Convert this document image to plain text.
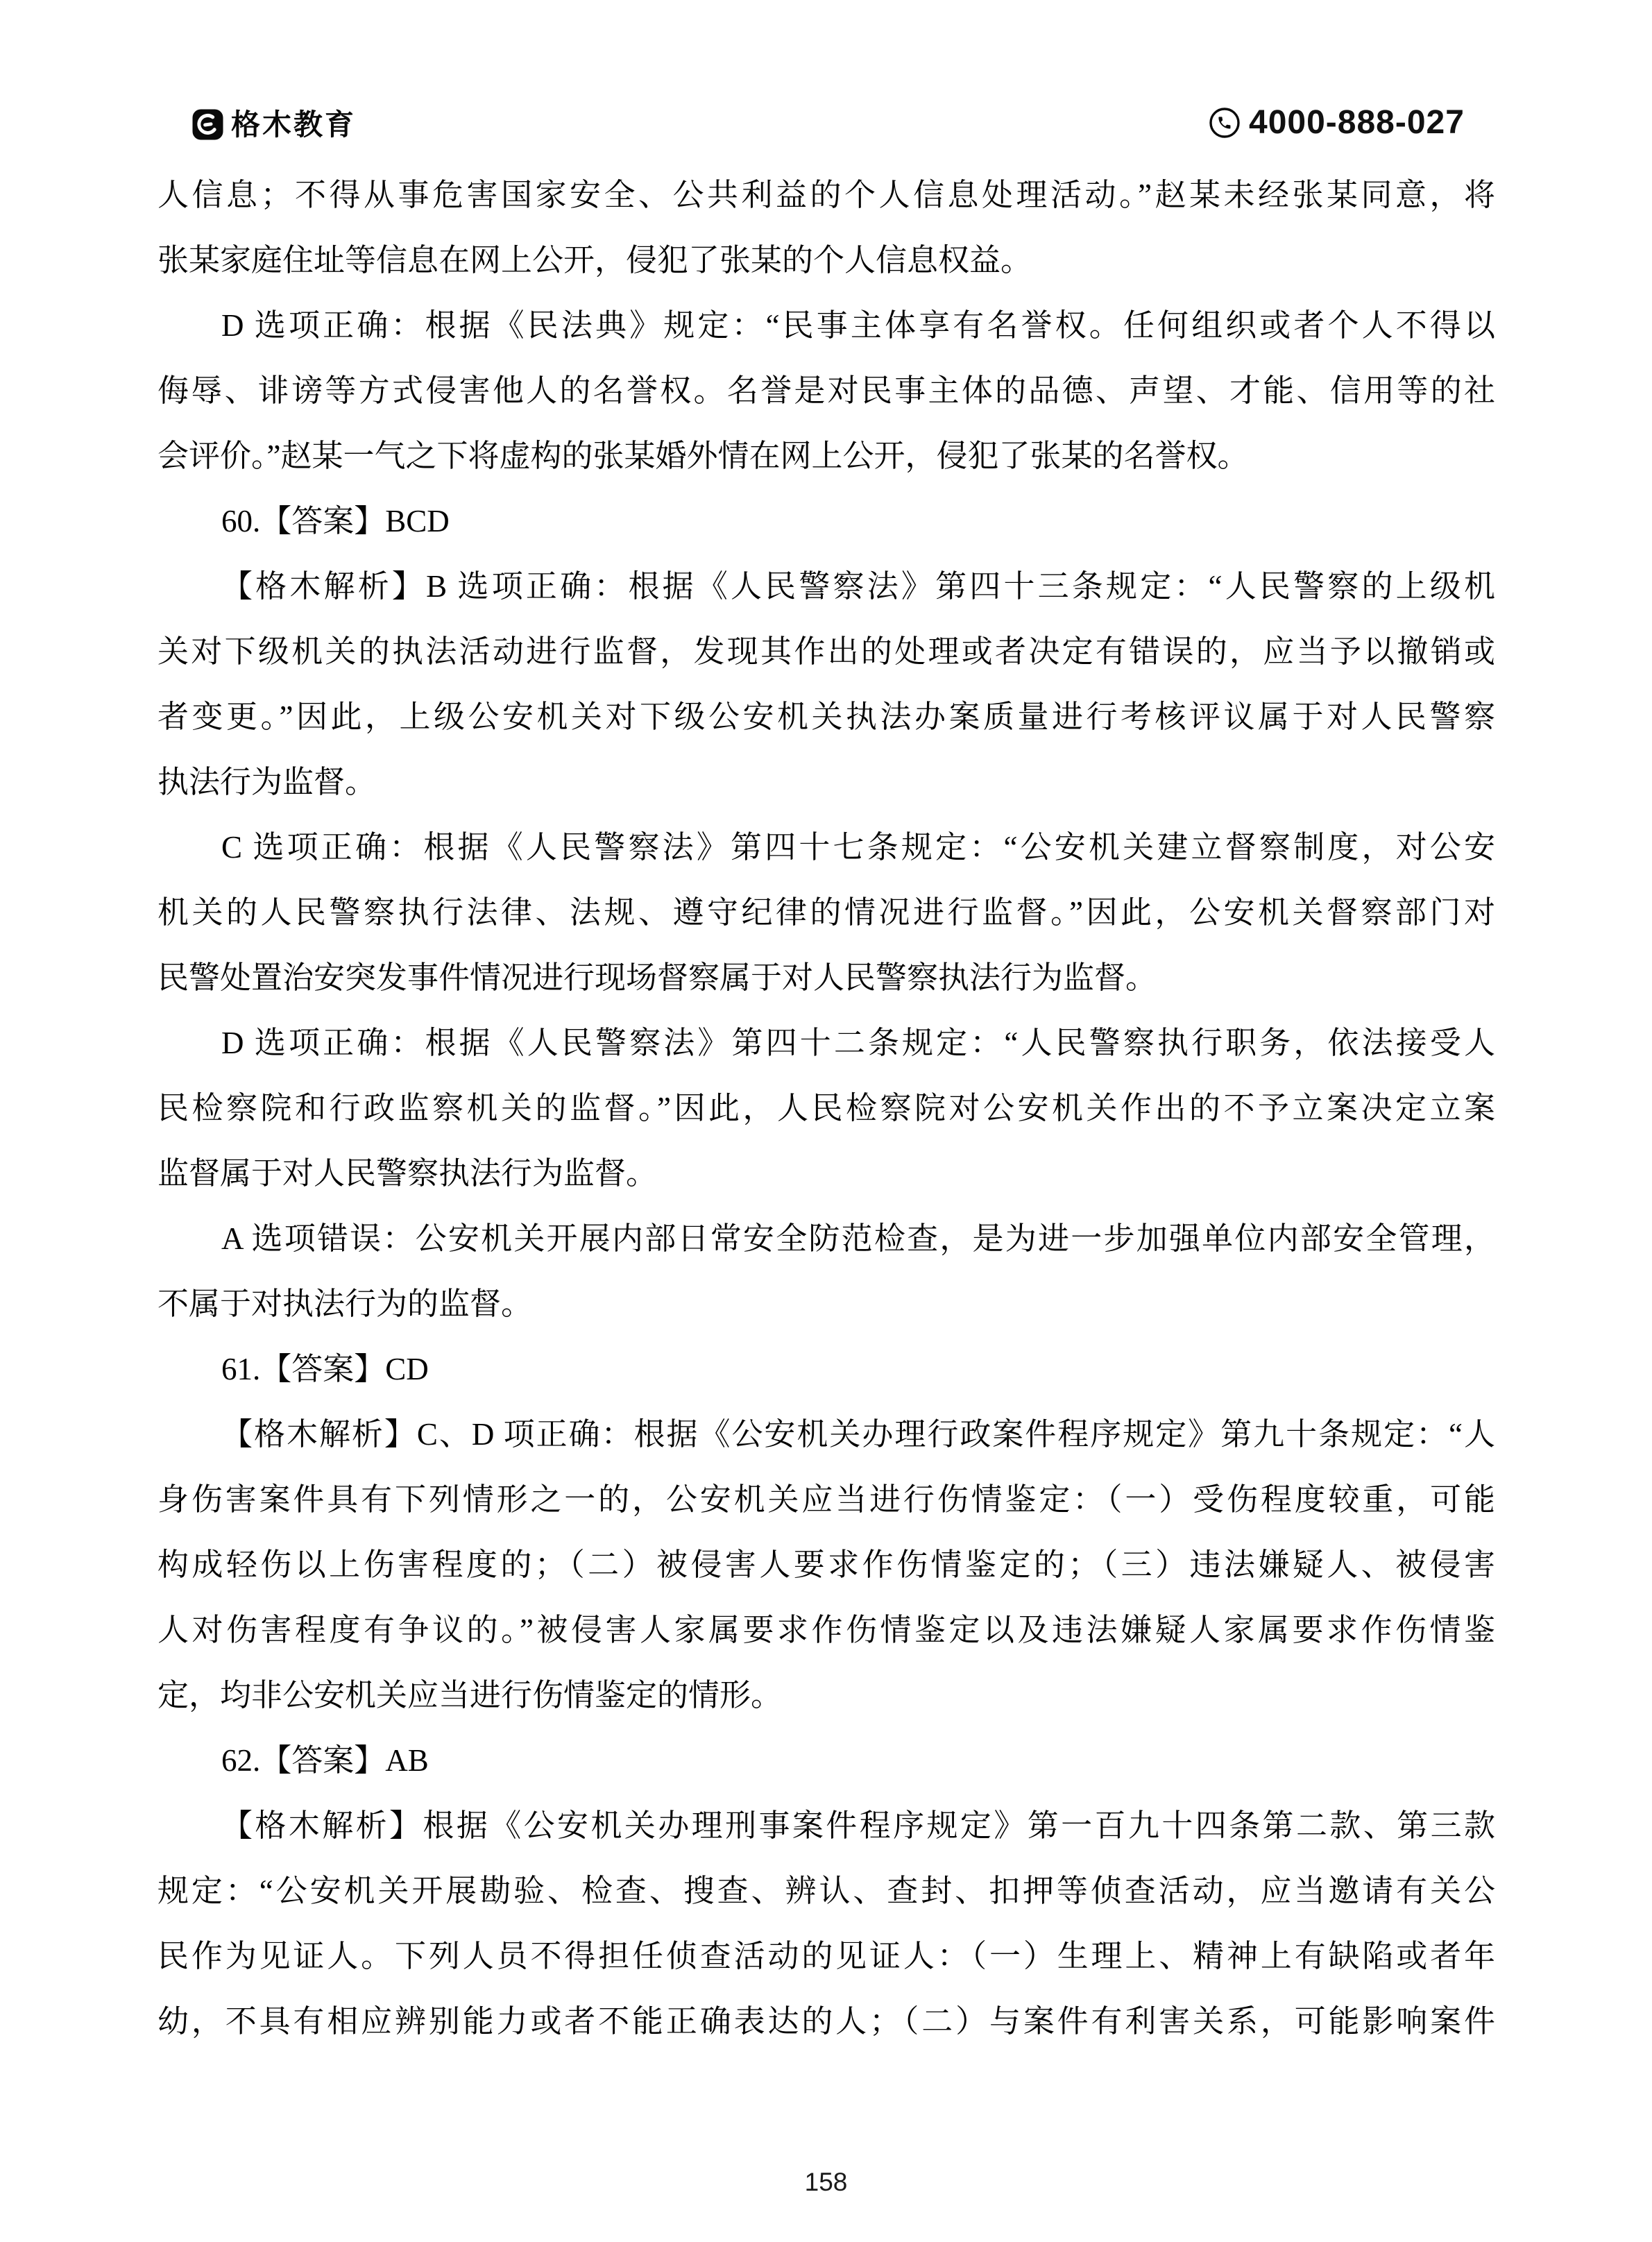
格木教育	4000-888-027
人信息；不得从事危害国家安全、公共利益的个人信息处理活动。”赵某未经张某同意，将
张某家庭住址等信息在网上公开，侵犯了张某的个人信息权益。
D 选项正确：根据《民法典》规定：“民事主体享有名誉权。任何组织或者个人不得以
侮辱、诽谤等方式侵害他人的名誉权。名誉是对民事主体的品德、声望、才能、信用等的社
会评价。”赵某一气之下将虚构的张某婚外情在网上公开，侵犯了张某的名誉权。
60.【答案】BCD
【格木解析】B 选项正确：根据《人民警察法》第四十三条规定：“人民警察的上级机
关对下级机关的执法活动进行监督，发现其作出的处理或者决定有错误的，应当予以撤销或
者变更。”因此，上级公安机关对下级公安机关执法办案质量进行考核评议属于对人民警察
执法行为监督。
C 选项正确：根据《人民警察法》第四十七条规定：“公安机关建立督察制度，对公安
机关的人民警察执行法律、法规、遵守纪律的情况进行监督。”因此，公安机关督察部门对
民警处置治安突发事件情况进行现场督察属于对人民警察执法行为监督。
D 选项正确：根据《人民警察法》第四十二条规定：“人民警察执行职务，依法接受人
民检察院和行政监察机关的监督。”因此，人民检察院对公安机关作出的不予立案决定立案
监督属于对人民警察执法行为监督。
A 选项错误：公安机关开展内部日常安全防范检查，是为进一步加强单位内部安全管理，
不属于对执法行为的监督。
61.【答案】CD
【格木解析】C、D 项正确：根据《公安机关办理行政案件程序规定》第九十条规定：“人
身伤害案件具有下列情形之一的，公安机关应当进行伤情鉴定：（一）受伤程度较重，可能
构成轻伤以上伤害程度的；（二）被侵害人要求作伤情鉴定的；（三）违法嫌疑人、被侵害
人对伤害程度有争议的。”被侵害人家属要求作伤情鉴定以及违法嫌疑人家属要求作伤情鉴
定，均非公安机关应当进行伤情鉴定的情形。
62.【答案】AB
【格木解析】根据《公安机关办理刑事案件程序规定》第一百九十四条第二款、第三款
规定：“公安机关开展勘验、检查、搜查、辨认、查封、扣押等侦查活动，应当邀请有关公
民作为见证人。下列人员不得担任侦查活动的见证人：（一）生理上、精神上有缺陷或者年
幼，不具有相应辨别能力或者不能正确表达的人；（二）与案件有利害关系，可能影响案件
158
